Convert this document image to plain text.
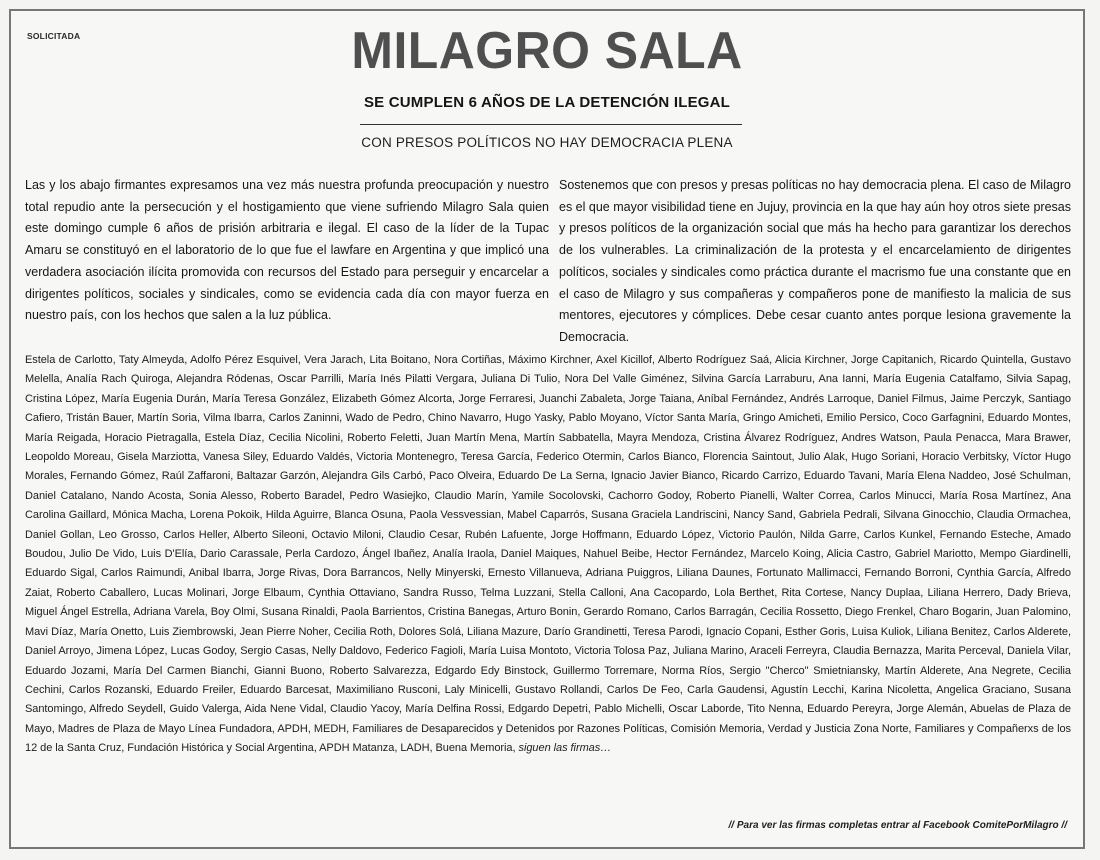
SOLICITADA	MILAGRO SALA
SE CUMPLEN 6 AÑOS DE LA DETENCIÓN ILEGAL
CON PRESOS POLÍTICOS NO HAY DEMOCRACIA PLENA
Las y los abajo firmantes expresamos una vez más nuestra profunda preocupación y nuestro total repudio ante la persecución y el hostigamiento que viene sufriendo Milagro Sala quien este domingo cumple 6 años de prisión arbitraria e ilegal. El caso de la líder de la Tupac Amaru se constituyó en el laboratorio de lo que fue el lawfare en Argentina y que implicó una verdadera asociación ilícita promovida con recursos del Estado para perseguir y encarcelar a dirigentes políticos, sociales y sindicales, como se evidencia cada día con mayor fuerza en nuestro país, con los hechos que salen a la luz pública.
Sostenemos que con presos y presas políticas no hay democracia plena. El caso de Milagro es el que mayor visibilidad tiene en Jujuy, provincia en la que hay aún hoy otros siete presas y presos políticos de la organización social que más ha hecho para garantizar los derechos de los vulnerables. La criminalización de la protesta y el encarcelamiento de dirigentes políticos, sociales y sindicales como práctica durante el macrismo fue una constante que en el caso de Milagro y sus compañeras y compañeros pone de manifiesto la malicia de sus mentores, ejecutores y cómplices. Debe cesar cuanto antes porque lesiona gravemente la Democracia.
Estela de Carlotto, Taty Almeyda, Adolfo Pérez Esquivel, Vera Jarach, Lita Boitano, Nora Cortiñas, Máximo Kirchner, Axel Kicillof, Alberto Rodríguez Saá, Alicia Kirchner, Jorge Capitanich, Ricardo Quintella, Gustavo Melella, Analía Rach Quiroga, Alejandra Ródenas, Oscar Parrilli, María Inés Pilatti Vergara, Juliana Di Tulio, Nora Del Valle Giménez, Silvina García Larraburu, Ana Ianni, María Eugenia Catalfamo, Silvia Sapag, Cristina López, María Eugenia Durán, María Teresa González, Elizabeth Gómez Alcorta, Jorge Ferraresi, Juanchi Zabaleta, Jorge Taiana, Aníbal Fernández, Andrés Larroque, Daniel Filmus, Jaime Perczyk, Santiago Cafiero, Tristán Bauer, Martín Soria, Vilma Ibarra, Carlos Zaninni, Wado de Pedro, Chino Navarro, Hugo Yasky, Pablo Moyano, Víctor Santa María, Gringo Amicheti, Emilio Persico, Coco Garfagnini, Eduardo Montes, María Reigada, Horacio Pietragalla, Estela Díaz, Cecilia Nicolini, Roberto Feletti, Juan Martín Mena, Martín Sabbatella, Mayra Mendoza, Cristina Álvarez Rodríguez, Andres Watson, Paula Penacca, Mara Brawer, Leopoldo Moreau, Gisela Marziotta, Vanesa Siley, Eduardo Valdés, Victoria Montenegro, Teresa García, Federico Otermin, Carlos Bianco, Florencia Saintout, Julio Alak, Hugo Soriani, Horacio Verbitsky, Víctor Hugo Morales, Fernando Gómez, Raúl Zaffaroni, Baltazar Garzón, Alejandra Gils Carbó, Paco Olveira, Eduardo De La Serna, Ignacio Javier Bianco, Ricardo Carrizo, Eduardo Tavani, María Elena Naddeo, José Schulman, Daniel Catalano, Nando Acosta, Sonia Alesso, Roberto Baradel, Pedro Wasiejko, Claudio Marín, Yamile Socolovski, Cachorro Godoy, Roberto Pianelli, Walter Correa, Carlos Minucci, María Rosa Martínez, Ana Carolina Gaillard, Mónica Macha, Lorena Pokoik, Hilda Aguirre, Blanca Osuna, Paola Vessvessian, Mabel Caparrós, Susana Graciela Landriscini, Nancy Sand, Gabriela Pedrali, Silvana Ginocchio, Claudia Ormachea, Daniel Gollan, Leo Grosso, Carlos Heller, Alberto Sileoni, Octavio Miloni, Claudio Cesar, Rubén Lafuente, Jorge Hoffmann, Eduardo López, Victorio Paulón, Nilda Garre, Carlos Kunkel, Fernando Esteche, Amado Boudou, Julio De Vido, Luis D'Elía, Dario Carassale, Perla Cardozo, Ángel Ibañez, Analía Iraola, Daniel Maiques, Nahuel Beibe, Hector Fernández, Marcelo Koing, Alicia Castro, Gabriel Mariotto, Mempo Giardinelli, Eduardo Sigal, Carlos Raimundi, Anibal Ibarra, Jorge Rivas, Dora Barrancos, Nelly Minyerski, Ernesto Villanueva, Adriana Puiggros, Liliana Daunes, Fortunato Mallimacci, Fernando Borroni, Cynthia García, Alfredo Zaiat, Roberto Caballero, Lucas Molinari, Jorge Elbaum, Cynthia Ottaviano, Sandra Russo, Telma Luzzani, Stella Calloni, Ana Cacopardo, Lola Berthet, Rita Cortese, Nancy Duplaa, Liliana Herrero, Dady Brieva, Miguel Ángel Estrella, Adriana Varela, Boy Olmi, Susana Rinaldi, Paola Barrientos, Cristina Banegas, Arturo Bonin, Gerardo Romano, Carlos Barragán, Cecilia Rossetto, Diego Frenkel, Charo Bogarin, Juan Palomino, Mavi Díaz, María Onetto, Luis Ziembrowski, Jean Pierre Noher, Cecilia Roth, Dolores Solá, Liliana Mazure, Darío Grandinetti, Teresa Parodi, Ignacio Copani, Esther Goris, Luisa Kuliok, Liliana Benitez, Carlos Alderete, Daniel Arroyo, Jimena López, Lucas Godoy, Sergio Casas, Nelly Daldovo, Federico Fagioli, María Luisa Montoto, Victoria Tolosa Paz, Juliana Marino, Araceli Ferreyra, Claudia Bernazza, Marita Perceval, Daniela Vilar, Eduardo Jozami, María Del Carmen Bianchi, Gianni Buono, Roberto Salvarezza, Edgardo Edy Binstock, Guillermo Torremare, Norma Ríos, Sergio "Cherco" Smietniansky, Martín Alderete, Ana Negrete, Cecilia Cechini, Carlos Rozanski, Eduardo Freiler, Eduardo Barcesat, Maximiliano Rusconi, Laly Minicelli, Gustavo Rollandi, Carlos De Feo, Carla Gaudensi, Agustín Lecchi, Karina Nicoletta, Angelica Graciano, Susana Santomingo, Alfredo Seydell, Guido Valerga, Aida Nene Vidal, Claudio Yacoy, María Delfina Rossi, Edgardo Depetri, Pablo Michelli, Oscar Laborde, Tito Nenna, Eduardo Pereyra, Jorge Alemán, Abuelas de Plaza de Mayo, Madres de Plaza de Mayo Línea Fundadora, APDH, MEDH, Familiares de Desaparecidos y Detenidos por Razones Políticas, Comisión Memoria, Verdad y Justicia Zona Norte, Familiares y Compañerxs de los 12 de la Santa Cruz, Fundación Histórica y Social Argentina, APDH Matanza, LADH, Buena Memoria, siguen las firmas…
// Para ver las firmas completas entrar al Facebook ComitePorMilagro //
